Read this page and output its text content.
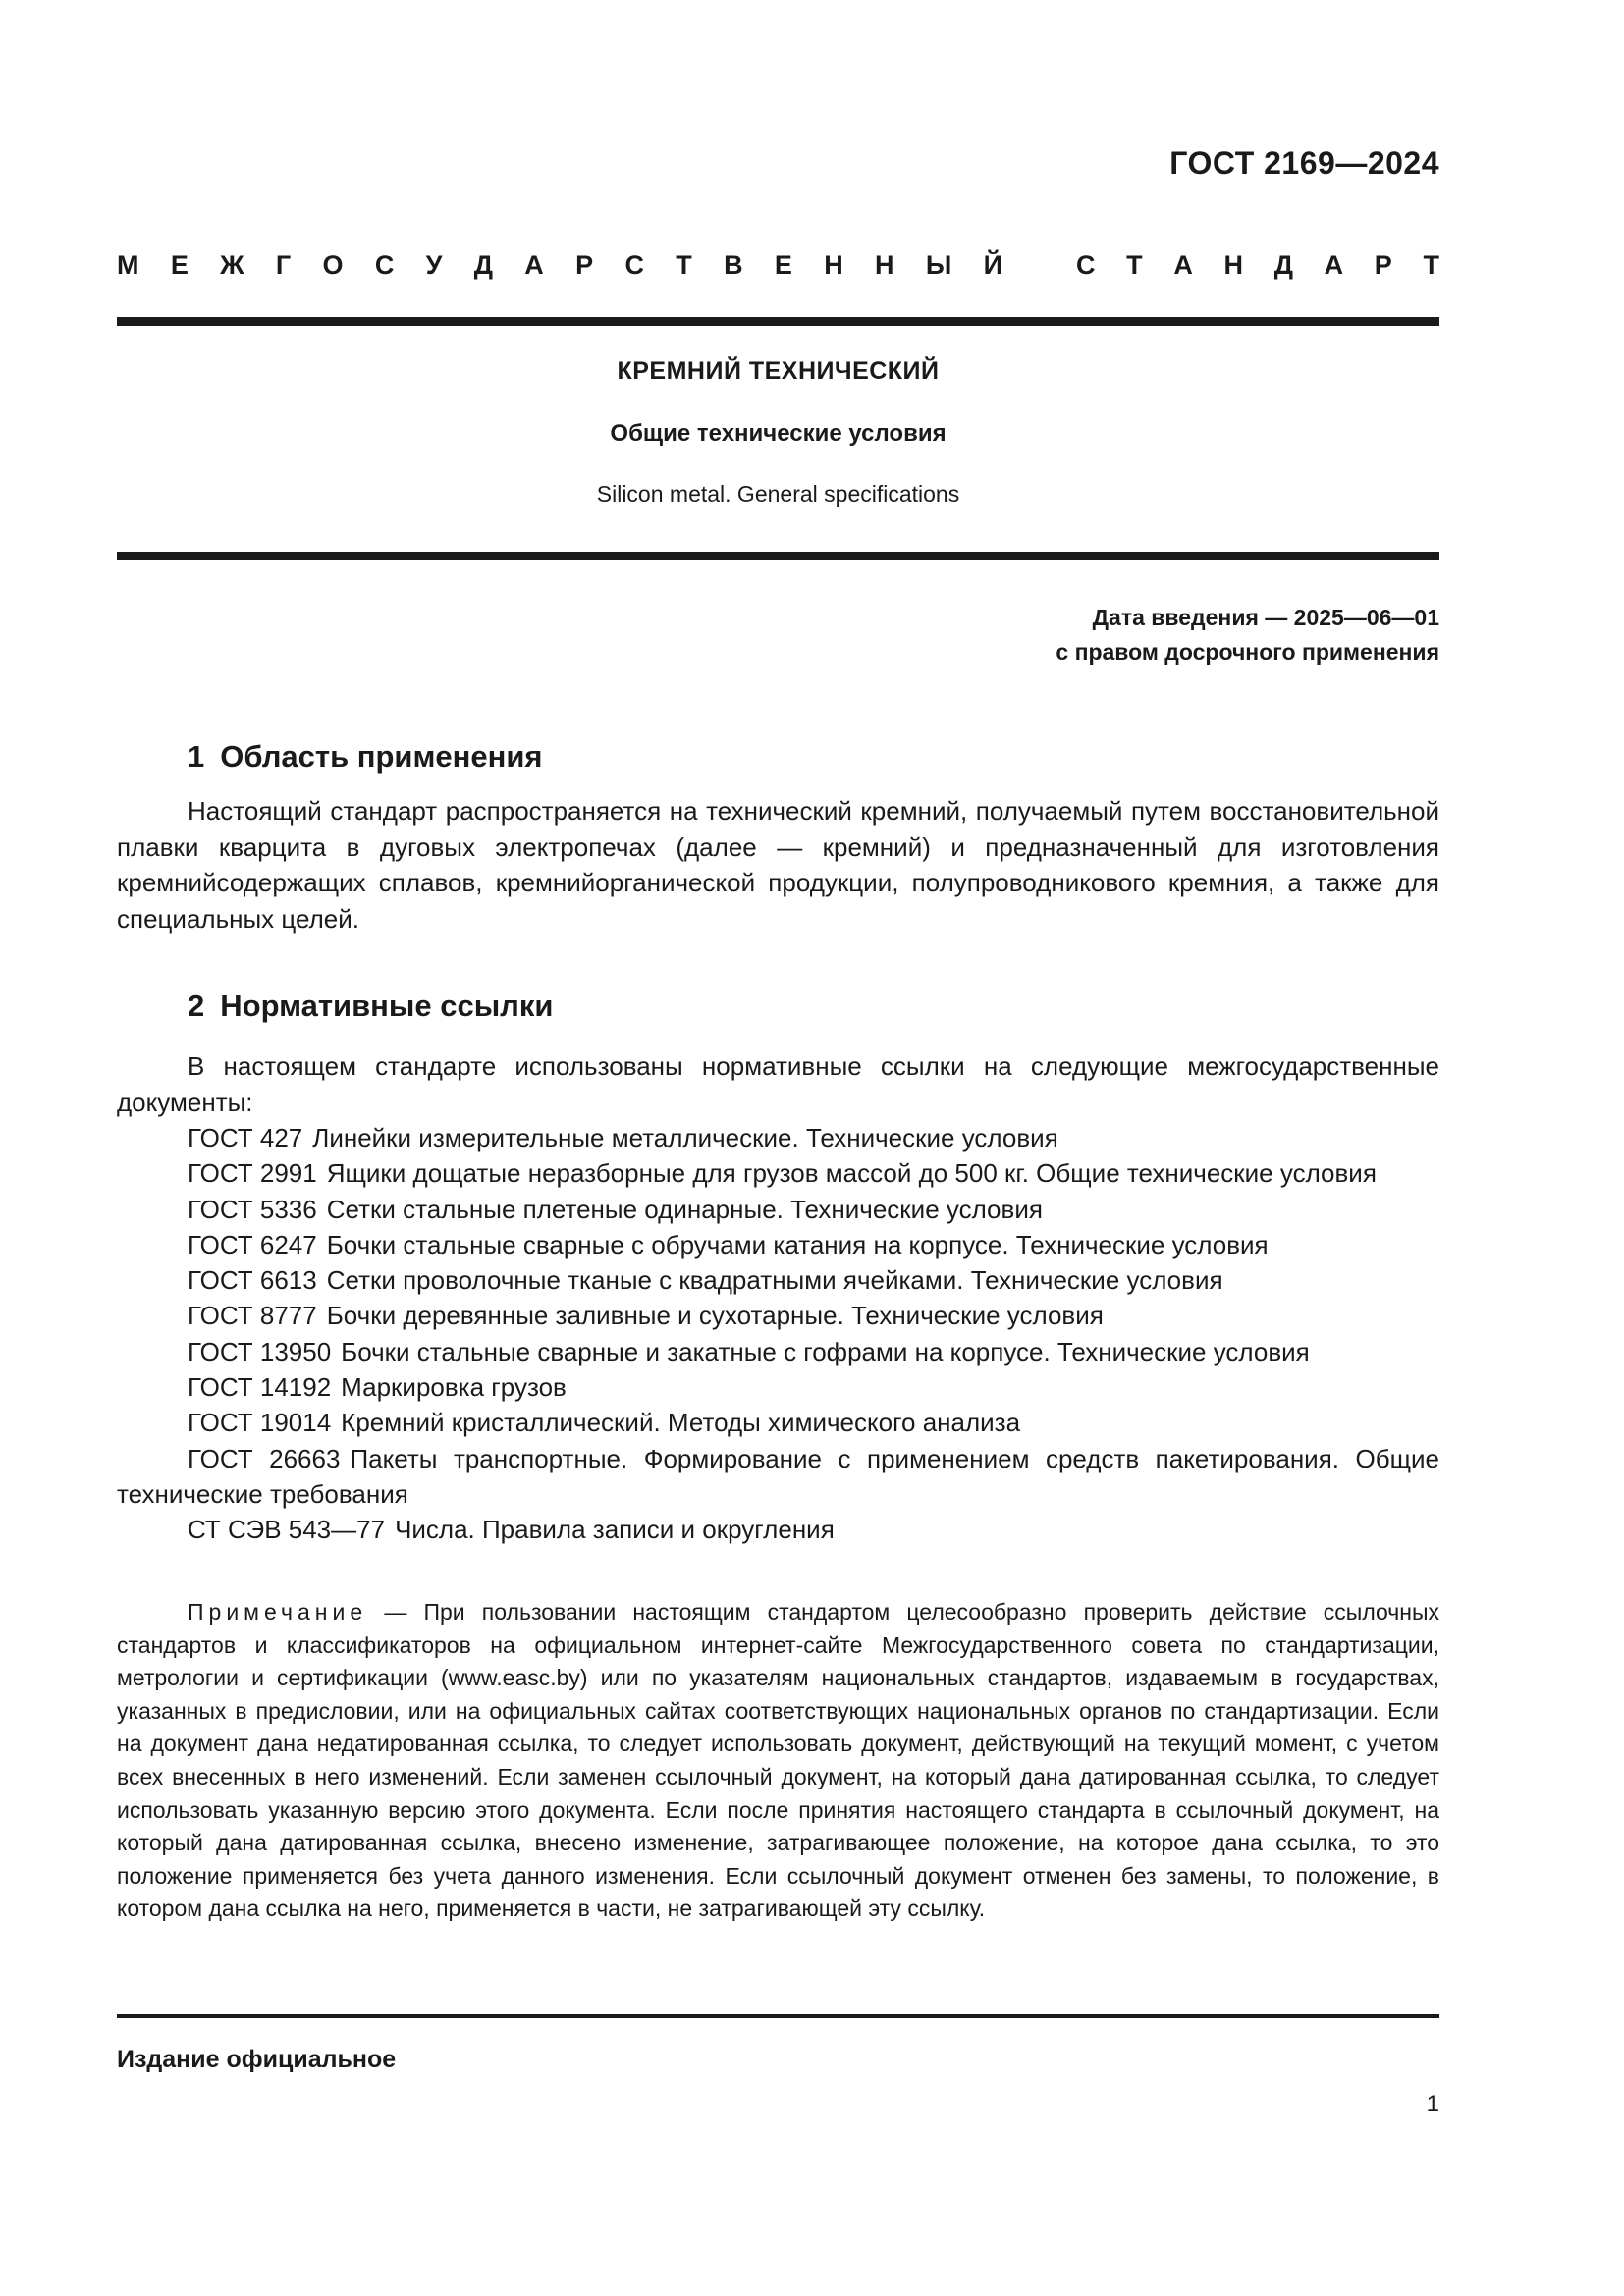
ГОСТ 2169—2024
М Е Ж Г О С У Д А Р С Т В Е Н Н Ы Й	С Т А Н Д А Р Т
КРЕМНИЙ ТЕХНИЧЕСКИЙ
Общие технические условия
Silicon metal. General specifications
Дата введения — 2025—06—01
с правом досрочного применения
1 Область применения
Настоящий стандарт распространяется на технический кремний, получаемый путем восстановительной плавки кварцита в дуговых электропечах (далее — кремний) и предназначенный для изготовления кремнийсодержащих сплавов, кремнийорганической продукции, полупроводникового кремния, а также для специальных целей.
2 Нормативные ссылки
В настоящем стандарте использованы нормативные ссылки на следующие межгосударственные документы:
ГОСТ 427 Линейки измерительные металлические. Технические условия
ГОСТ 2991 Ящики дощатые неразборные для грузов массой до 500 кг. Общие технические условия
ГОСТ 5336 Сетки стальные плетеные одинарные. Технические условия
ГОСТ 6247 Бочки стальные сварные с обручами катания на корпусе. Технические условия
ГОСТ 6613 Сетки проволочные тканые с квадратными ячейками. Технические условия
ГОСТ 8777 Бочки деревянные заливные и сухотарные. Технические условия
ГОСТ 13950 Бочки стальные сварные и закатные с гофрами на корпусе. Технические условия
ГОСТ 14192 Маркировка грузов
ГОСТ 19014 Кремний кристаллический. Методы химического анализа
ГОСТ 26663 Пакеты транспортные. Формирование с применением средств пакетирования. Общие технические требования
СТ СЭВ 543—77 Числа. Правила записи и округления
Примечание — При пользовании настоящим стандартом целесообразно проверить действие ссылочных стандартов и классификаторов на официальном интернет-сайте Межгосударственного совета по стандартизации, метрологии и сертификации (www.easc.by) или по указателям национальных стандартов, издаваемым в государствах, указанных в предисловии, или на официальных сайтах соответствующих национальных органов по стандартизации. Если на документ дана недатированная ссылка, то следует использовать документ, действующий на текущий момент, с учетом всех внесенных в него изменений. Если заменен ссылочный документ, на который дана датированная ссылка, то следует использовать указанную версию этого документа. Если после принятия настоящего стандарта в ссылочный документ, на который дана датированная ссылка, внесено изменение, затрагивающее положение, на которое дана ссылка, то это положение применяется без учета данного изменения. Если ссылочный документ отменен без замены, то положение, в котором дана ссылка на него, применяется в части, не затрагивающей эту ссылку.
Издание официальное
1
